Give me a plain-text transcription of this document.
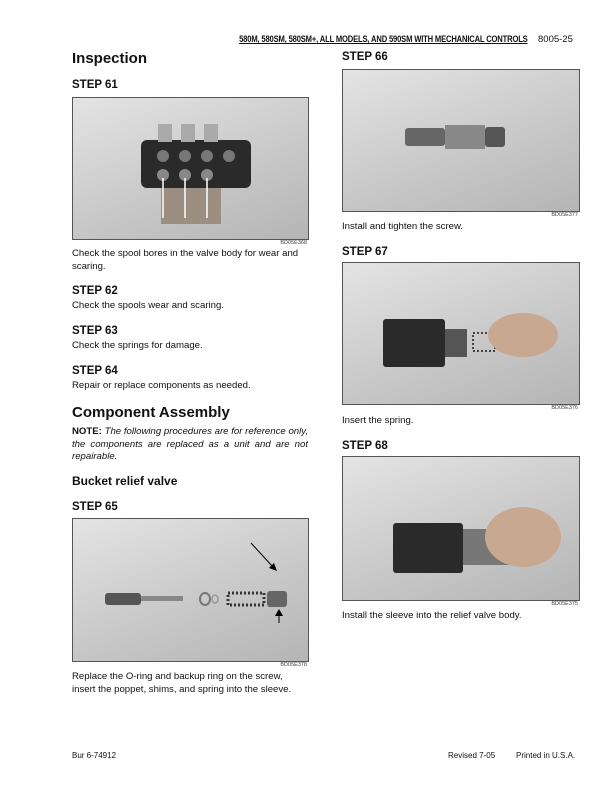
580M, 580SM, 580SM+, ALL MODELS, AND 590SM WITH MECHANICAL CONTROLS 8005-25
Inspection
STEP 61
BD05E368
Check the spool bores in the valve body for wear and scaring.
STEP 62
Check the spools wear and scaring.
STEP 63
Check the springs for damage.
STEP 64
Repair or replace components as needed.
Component Assembly
NOTE: The following procedures are for reference only, the components are replaced as a unit and are not repairable.
Bucket relief valve
STEP 65
BD05E378
Replace the O-ring and backup ring on the screw, insert the poppet, shims, and spring into the sleeve.
STEP 66
BD05E377
Install and tighten the screw.
STEP 67
BD05E376
Insert the spring.
STEP 68
BD05E375
Install the sleeve into the relief valve body.
Bur 6-74912	Revised 7-05	Printed in U.S.A.
